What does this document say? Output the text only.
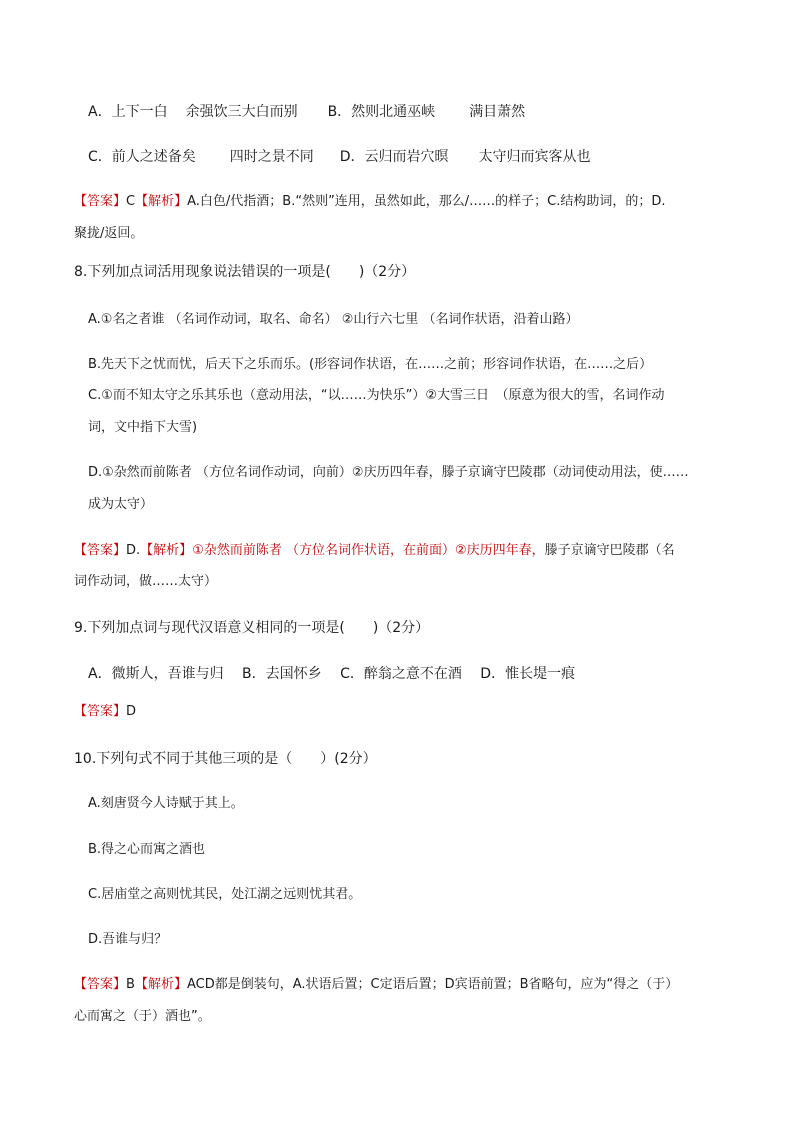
A．上下一白 余强饮三大白而别 B．然则北通巫峡 满目萧然
C．前人之述备矣 四时之景不同 D．云归而岩穴暝 太守归而宾客从也
【答案】C【解析】A.白色/代指酒；B.“然则”连用，虽然如此，那么/……的样子；C.结构助词，的；D.
聚拢/返回。
8.下列加点词活用现象说法错误的一项是(　　)（2分）
A.①名之者谁 （名词作动词，取名、命名） ②山行六七里 （名词作状语，沿着山路）
B.先天下之忧而忧，后天下之乐而乐。(形容词作状语，在……之前；形容词作状语，在……之后）
C.①而不知太守之乐其乐也（意动用法，“以……为快乐”）②大雪三日　（原意为很大的雪，名词作动
词，文中指下大雪)
D.①杂然而前陈者 （方位名词作动词，向前）②庆历四年春，滕子京谪守巴陵郡（动词使动用法，使……
成为太守）
【答案】D.【解析】①杂然而前陈者 （方位名词作状语，在前面）②庆历四年春，滕子京谪守巴陵郡（名
词作动词，做……太守）
9.下列加点词与现代汉语意义相同的一项是(　　)（2分）
A．微斯人，吾谁与归　 B．去国怀乡　 C．醉翁之意不在酒　 D．惟长堤一痕
【答案】D
10.下列句式不同于其他三项的是（　　）(2分）
A.刻唐贤今人诗赋于其上。
B.得之心而寓之酒也
C.居庙堂之高则忧其民，处江湖之远则忧其君。
D.吾谁与归？
【答案】B【解析】ACD都是倒装句，A.状语后置；C定语后置；D宾语前置；B省略句，应为“得之（于）
心而寓之（于）酒也”。
